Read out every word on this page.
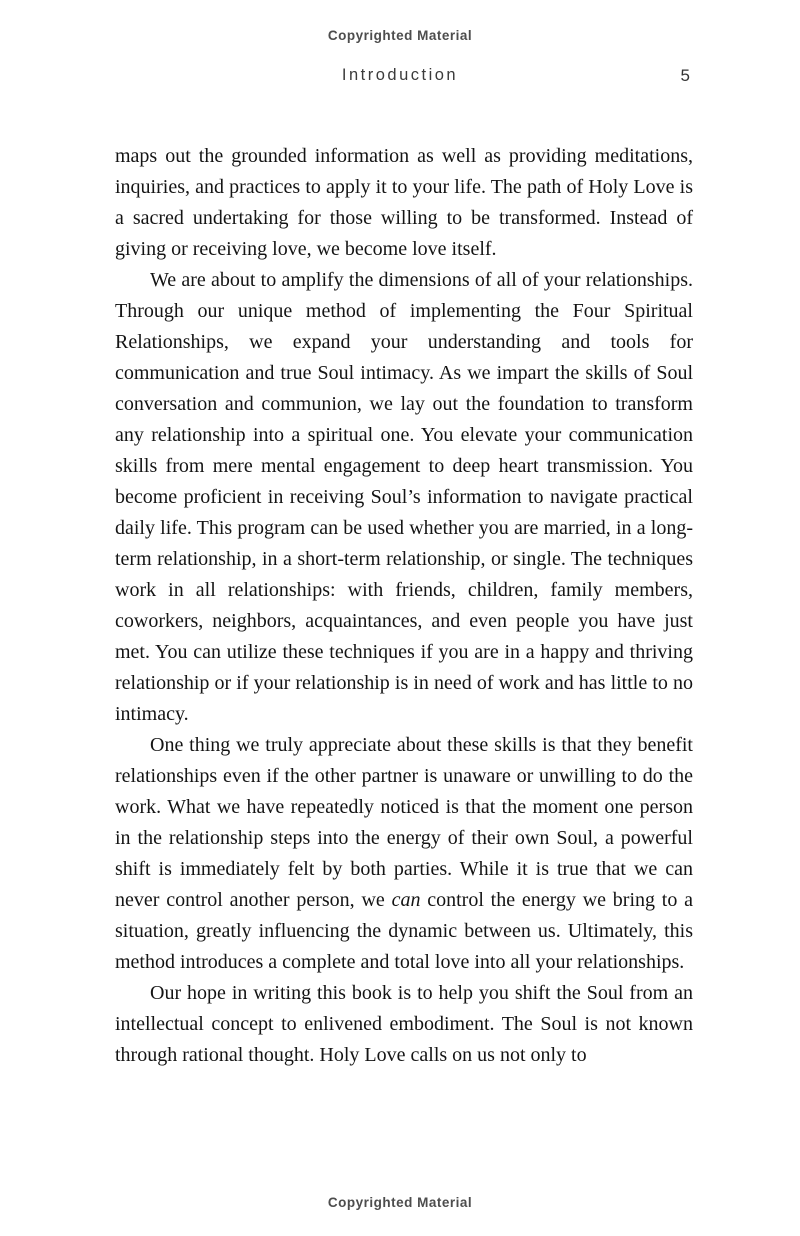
Copyrighted Material
Introduction	5

maps out the grounded information as well as providing meditations, inquiries, and practices to apply it to your life. The path of Holy Love is a sacred undertaking for those willing to be transformed. Instead of giving or receiving love, we become love itself.

We are about to amplify the dimensions of all of your relationships. Through our unique method of implementing the Four Spiritual Relationships, we expand your understanding and tools for communication and true Soul intimacy. As we impart the skills of Soul conversation and communion, we lay out the foundation to transform any relationship into a spiritual one. You elevate your communication skills from mere mental engagement to deep heart transmission. You become proficient in receiving Soul’s information to navigate practical daily life. This program can be used whether you are married, in a long-term relationship, in a short-term relationship, or single. The techniques work in all relationships: with friends, children, family members, coworkers, neighbors, acquaintances, and even people you have just met. You can utilize these techniques if you are in a happy and thriving relationship or if your relationship is in need of work and has little to no intimacy.

One thing we truly appreciate about these skills is that they benefit relationships even if the other partner is unaware or unwilling to do the work. What we have repeatedly noticed is that the moment one person in the relationship steps into the energy of their own Soul, a powerful shift is immediately felt by both parties. While it is true that we can never control another person, we can control the energy we bring to a situation, greatly influencing the dynamic between us. Ultimately, this method introduces a complete and total love into all your relationships.

Our hope in writing this book is to help you shift the Soul from an intellectual concept to enlivened embodiment. The Soul is not known through rational thought. Holy Love calls on us not only to

Copyrighted Material
